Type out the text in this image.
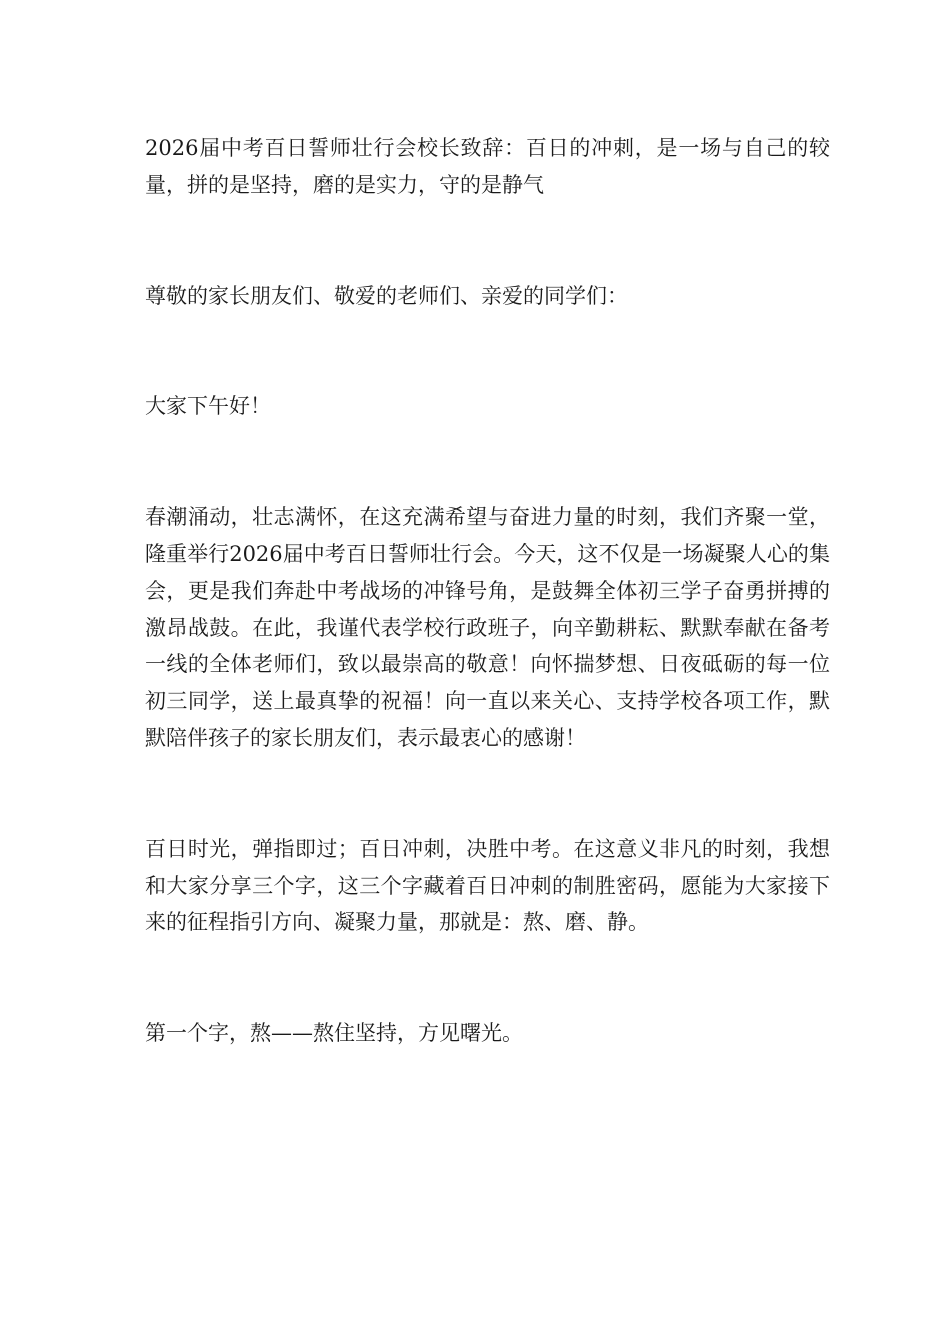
2026届中考百日誓师壮行会校长致辞：百日的冲刺，是一场与自己的较量，拼的是坚持，磨的是实力，守的是静气

尊敬的家长朋友们、敬爱的老师们、亲爱的同学们：

大家下午好！

春潮涌动，壮志满怀，在这充满希望与奋进力量的时刻，我们齐聚一堂，隆重举行2026届中考百日誓师壮行会。今天，这不仅是一场凝聚人心的集会，更是我们奔赴中考战场的冲锋号角，是鼓舞全体初三学子奋勇拼搏的激昂战鼓。在此，我谨代表学校行政班子，向辛勤耕耘、默默奉献在备考一线的全体老师们，致以最崇高的敬意！向怀揣梦想、日夜砥砺的每一位初三同学，送上最真挚的祝福！向一直以来关心、支持学校各项工作，默默陪伴孩子的家长朋友们，表示最衷心的感谢！

百日时光，弹指即过；百日冲刺，决胜中考。在这意义非凡的时刻，我想和大家分享三个字，这三个字藏着百日冲刺的制胜密码，愿能为大家接下来的征程指引方向、凝聚力量，那就是：熬、磨、静。

第一个字，熬——熬住坚持，方见曙光。
